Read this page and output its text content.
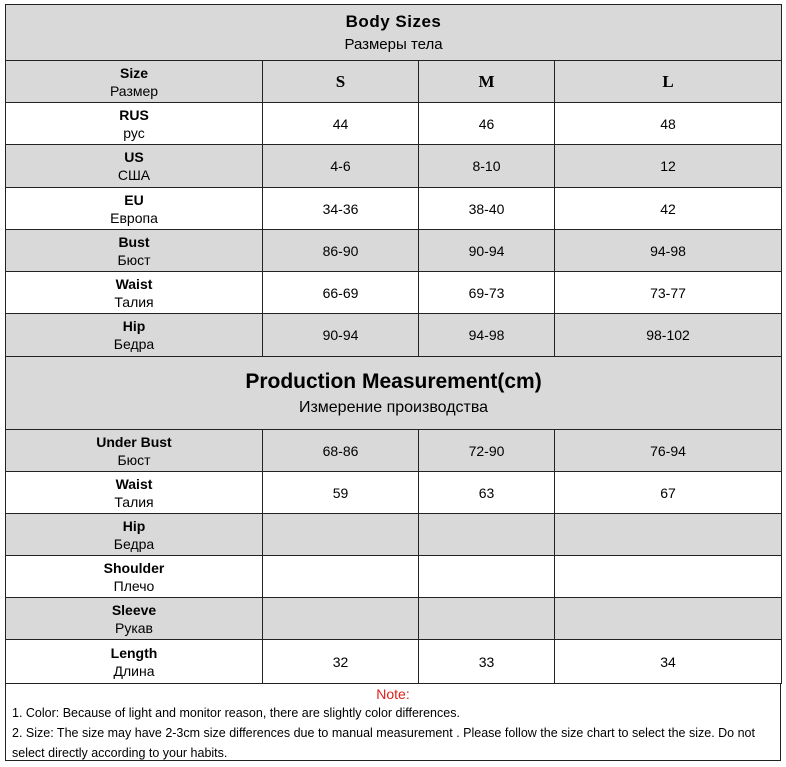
Body Sizes
Размеры тела			

Size
Размер	S	M	L

RUS
рус	44	46	48

US
США	4-6	8-10	12

EU
Европа	34-36	38-40	42

Bust
Бюст	86-90	90-94	94-98

Waist
Талия	66-69	69-73	73-77

Hip
Бедра	90-94	94-98	98-102

Production Measurement(cm)
Измерение производства			

Under Bust
Бюст	68-86	72-90	76-94

Waist
Талия	59	63	67

Hip
Бедра			

Shoulder
Плечо			

Sleeve
Рукав			

Length
Длина	32	33	34
Note:
1. Color: Because of light and monitor reason, there are slightly color differences.
2. Size: The size may have 2-3cm size differences due to manual measurement . Please follow the size chart to select the size. Do not select directly according to your habits.
